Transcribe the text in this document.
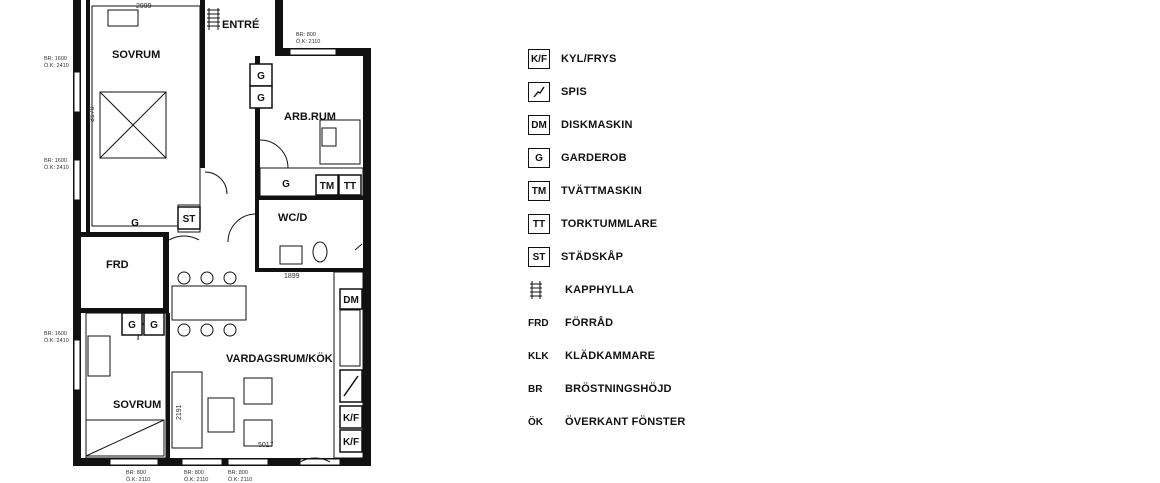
G
G
ST
G	TM TT
DM
K/F
K/F
G G
G
SOVRUM
ENTRÉ
ARB.RUM
WC/D
FRD
VARDAGSRUM/KÖK
SOVRUM
2999
3170
1899
2191
5017
BR: 1600
Ö.K: 2410
BR: 1600
Ö.K: 2410
BR: 1600
Ö.K: 2410
BR: 800
Ö.K: 2110
BR: 800
Ö.K: 2110
BR: 800
Ö.K: 2110
BR: 800
Ö.K: 2110
K/F KYL/FRYS
SPIS
DM DISKMASKIN
G	GARDEROB
TM	TVÄTTMASKIN
TT	TORKTUMMLARE
ST	STÄDSKÅP
KAPPHYLLA
FRD	FÖRRÅD
KLK	KLÄDKAMMARE
BR	BRÖSTNINGSHÖJD
ÖK	ÖVERKANT FÖNSTER
